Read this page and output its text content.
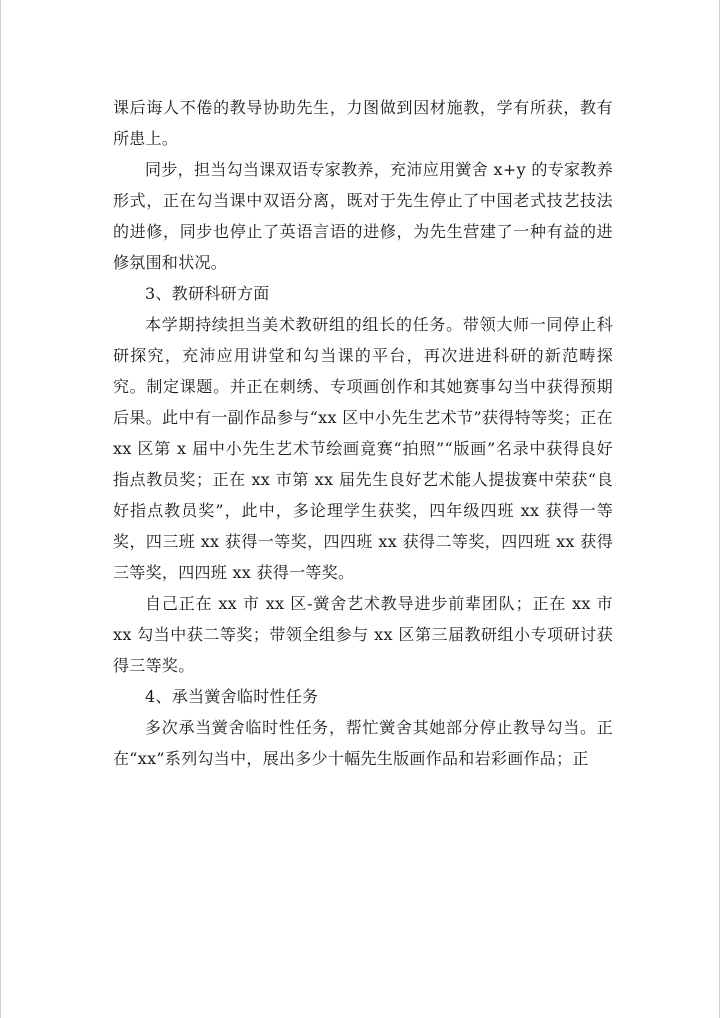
课后诲人不倦的教导协助先生，力图做到因材施教，学有所获，教有所患上。

同步，担当勾当课双语专家教养，充沛应用黉舍 x+y 的专家教养形式，正在勾当课中双语分离，既对于先生停止了中国老式技艺技法的进修，同步也停止了英语言语的进修，为先生营建了一种有益的进修氛围和状况。

3、教研科研方面

本学期持续担当美术教研组的组长的任务。带领大师一同停止科研探究，充沛应用讲堂和勾当课的平台，再次进进科研的新范畴探究。制定课题。并正在刺绣、专项画创作和其她赛事勾当中获得预期后果。此中有一副作品参与“xx 区中小先生艺术节”获得特等奖；正在 xx 区第 x 届中小先生艺术节绘画竟赛“拍照”“版画”名录中获得良好指点教员奖；正在 xx 市第 xx 届先生良好艺术能人提拔赛中荣获“良好指点教员奖”，此中，多论理学生获奖，四年级四班 xx 获得一等奖，四三班 xx 获得一等奖，四四班 xx 获得二等奖，四四班 xx 获得三等奖，四四班 xx 获得一等奖。

自己正在 xx 市 xx 区-黉舍艺术教导进步前辈团队；正在 xx 市 xx 勾当中获二等奖；带领全组参与 xx 区第三届教研组小专项研讨获得三等奖。

4、承当黉舍临时性任务

多次承当黉舍临时性任务，帮忙黉舍其她部分停止教导勾当。正在“xx”系列勾当中，展出多少十幅先生版画作品和岩彩画作品；正
